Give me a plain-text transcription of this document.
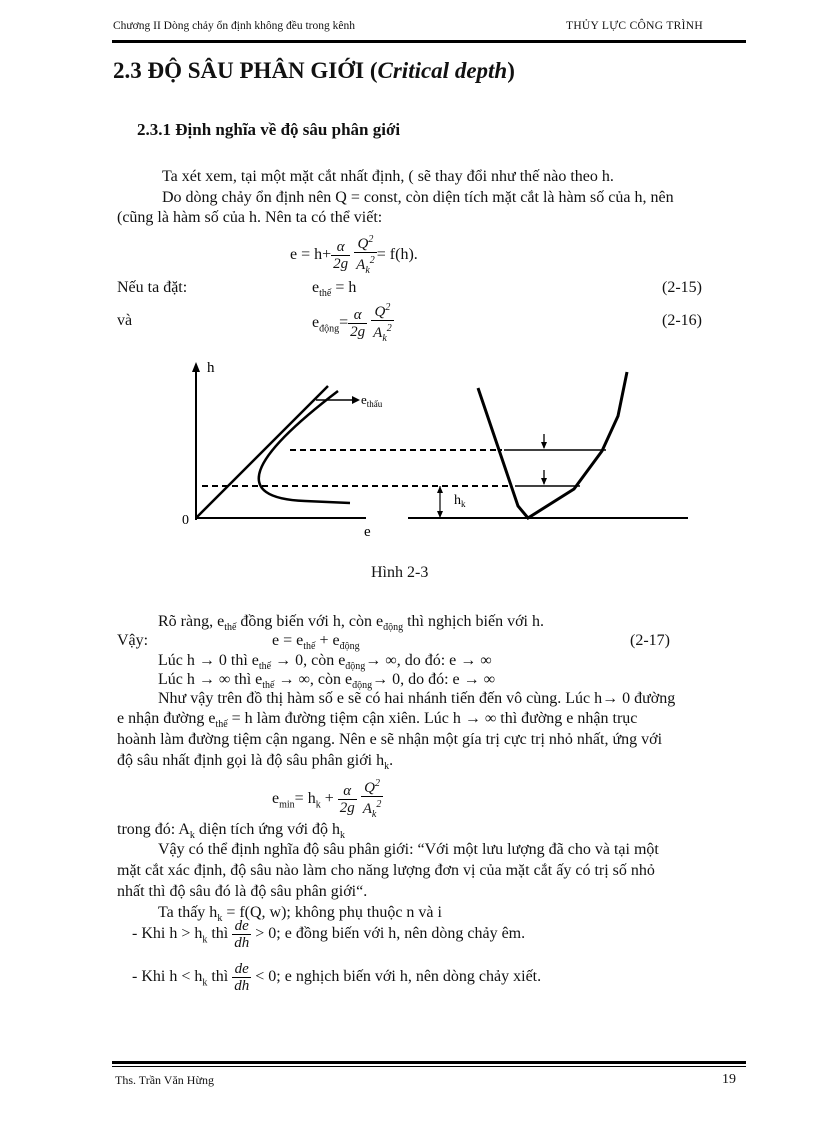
Chương II Dòng chảy ổn định không đều trong kênh	THỦY LỰC CÔNG TRÌNH
2.3 ĐỘ SÂU PHÂN GIỚI (Critical depth)
2.3.1 Định nghĩa về độ sâu phân giới
Ta xét xem, tại một mặt cắt nhất định, ( sẽ thay đổi như thế nào theo h.
Do dòng chảy ổn định nên Q = const, còn diện tích mặt cắt là hàm số của h, nên
(cũng là hàm số của h. Nên ta có thể viết:
$e = h+ \frac{\alpha}{2g}$
$\frac{Q^2}{A_k^2} = f(h)$.
Nếu ta đặt:	$e_{thế} = h$	(2-15)
và	$e_{động}= \frac{\alpha}{2g}$
$\frac{Q^2}{A_k^2}$	(2-16)
h
e
0
$e_{thấu}$
$h_k$
Hình 2-3
Rõ ràng, $e_{thế}$ đồng biến với h, còn $e_{động}$ thì nghịch biến với h.
Vậy:	$e = e_{thế} + e_{động}$	(2-17)
Lúc h → 0 thì $e_{thế} \to 0$, còn $e_{động}\to$ ∞, do đó: e → ∞
Lúc h → ∞ thì $e_{thế}$ → ∞, còn $e_{động}\to 0$, do đó: e → ∞
Như vậy trên đồ thị hàm số e sẽ có hai nhánh tiến đến vô cùng. Lúc h→ 0 đường
e nhận đường $e_{thế} = h$ làm đường tiệm cận xiên. Lúc h → ∞ thì đường e nhận trục
hoành làm đường tiệm cận ngang. Nên e sẽ nhận một gía trị cực trị nhỏ nhất, ứng với
độ sâu nhất định gọi là độ sâu phân giới $h_k$.
$e_{min}= h_k + \frac{\alpha}{2g}$
$\frac{Q^2}{A_k^2}$
trong đó: $A_k$ diện tích ứng với độ $h_k$
Vậy có thể định nghĩa độ sâu phân giới: “Với một lưu lượng đã cho và tại một
mặt cắt xác định, độ sâu nào làm cho năng lượng đơn vị của mặt cắt ấy có trị số nhỏ
nhất thì độ sâu đó là độ sâu phân giới“.
Ta thấy $h_k = f(Q$, w); không phụ thuộc n và i
- Khi $h > h_k$ thì $\frac{de}{dh} > 0$; e đồng biến với h, nên dòng chảy êm.
- Khi $h < h_k$ thì $\frac{de}{dh} < 0$; e nghịch biến với h, nên dòng chảy xiết.
Ths. Trần Văn Hừng	19
